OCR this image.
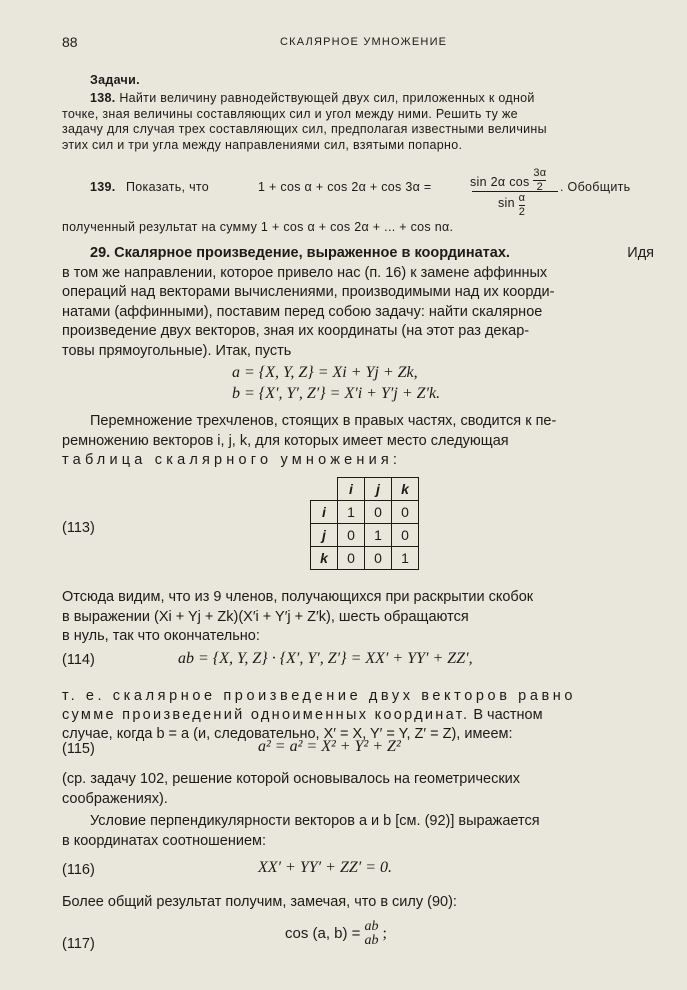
88	СКАЛЯРНОЕ УМНОЖЕНИЕ
Задачи.
138. Найти величину равнодействующей двух сил, приложенных к одной
точке, зная величины составляющих сил и угол между ними. Решить ту же
задачу для случая трех составляющих сил, предполагая известными величины
этих сил и три угла между направлениями сил, взятыми попарно.
139. Показать, что	1 + cos α + cos 2α + cos 3α =	sin 2α $\cos \frac{3\alpha}{2}$
$\sin \frac{\alpha}{2}$
. Обобщить
полученный результат на сумму 1 + cos α + cos 2α + ... + cos nα.
29. Скалярное произведение, выраженное в координатах.	Идя
в том же направлении, которое привело нас (п. 16) к замене аффинных
операций над векторами вычислениями, производимыми над их коорди-
натами (аффинными), поставим перед собою задачу: найти скалярное
произведение двух векторов, зная их координаты (на этот раз декар-
товы прямоугольные). Итак, пусть
a = {X, Y, Z} = Xi + Yj + Zk,
b = {X′, Y′, Z′} = X′i + Y′j + Z′k.
Перемножение трехчленов, стоящих в правых частях, сводится к пе-
ремножению векторов i, j, k, для которых имеет место следующая
таблица скалярного умножения:
(113)
	i	j	k
i	1	0	0
j	0	1	0
k	0	0	1
Отсюда видим, что из 9 членов, получающихся при раскрытии скобок
в выражении (Xi + Yj + Zk)(X′i + Y′j + Z′k), шесть обращаются
в нуль, так что окончательно:
(114)	ab = {X, Y, Z} · {X′, Y′, Z′} = XX′ + YY′ + ZZ′,
т. е. скалярное произведение двух векторов равно
сумме произведений одноименных координат. В частном
случае, когда b = a (и, следовательно, X′ = X, Y′ = Y, Z′ = Z), имеем:
(115)	a² = a² = X² + Y² + Z²
(ср. задачу 102, решение которой основывалось на геометрических
соображениях).
Условие перпендикулярности векторов a и b [см. (92)] выражается
в координатах соотношением:
(116)	XX′ + YY′ + ZZ′ = 0.
Более общий результат получим, замечая, что в силу (90):
(117)
cos (a, b) = ab
ab ;
